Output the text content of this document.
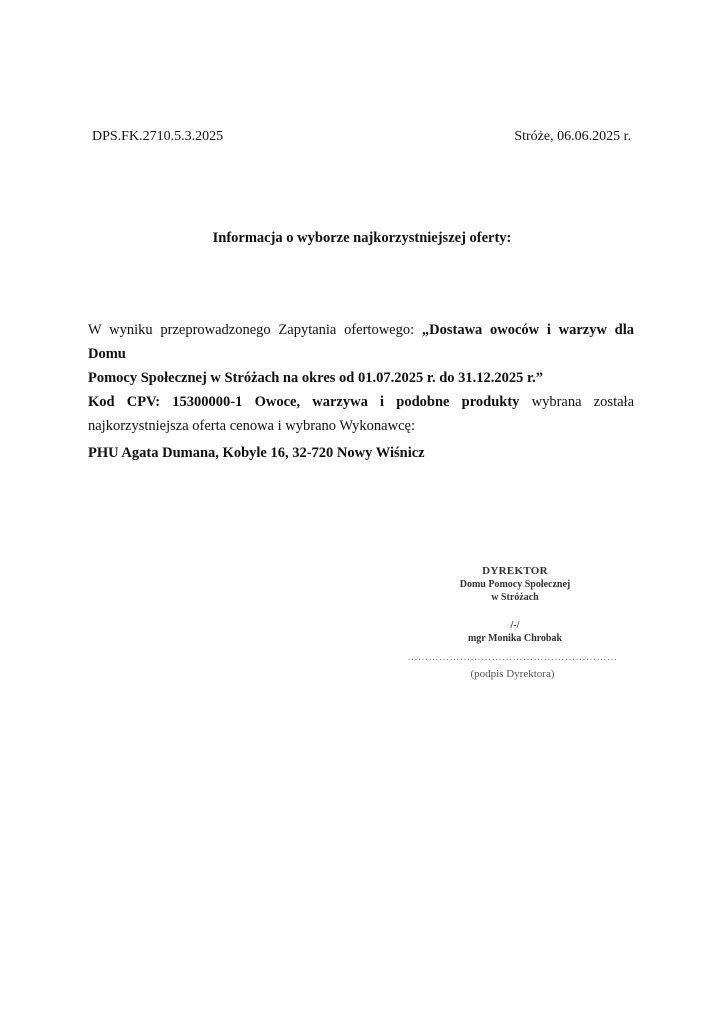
DPS.FK.2710.5.3.2025	Stróże, 06.06.2025 r.
Informacja o wyborze najkorzystniejszej oferty:

W wyniku przeprowadzonego Zapytania ofertowego: „Dostawa owoców i warzyw dla Domu
Pomocy Społecznej w Stróżach na okres od 01.07.2025 r. do 31.12.2025 r.”

Kod CPV: 15300000-1 Owoce, warzywa i podobne produkty wybrana została

najkorzystniejsza oferta cenowa i wybrano Wykonawcę:

PHU Agata Dumana, Kobyle 16, 32-720 Nowy Wiśnicz
DYREKTOR
Domu Pomocy Społecznej
w Stróżach
/-/
mgr Monika Chrobak
……………………………………………………
(podpis Dyrektora)
